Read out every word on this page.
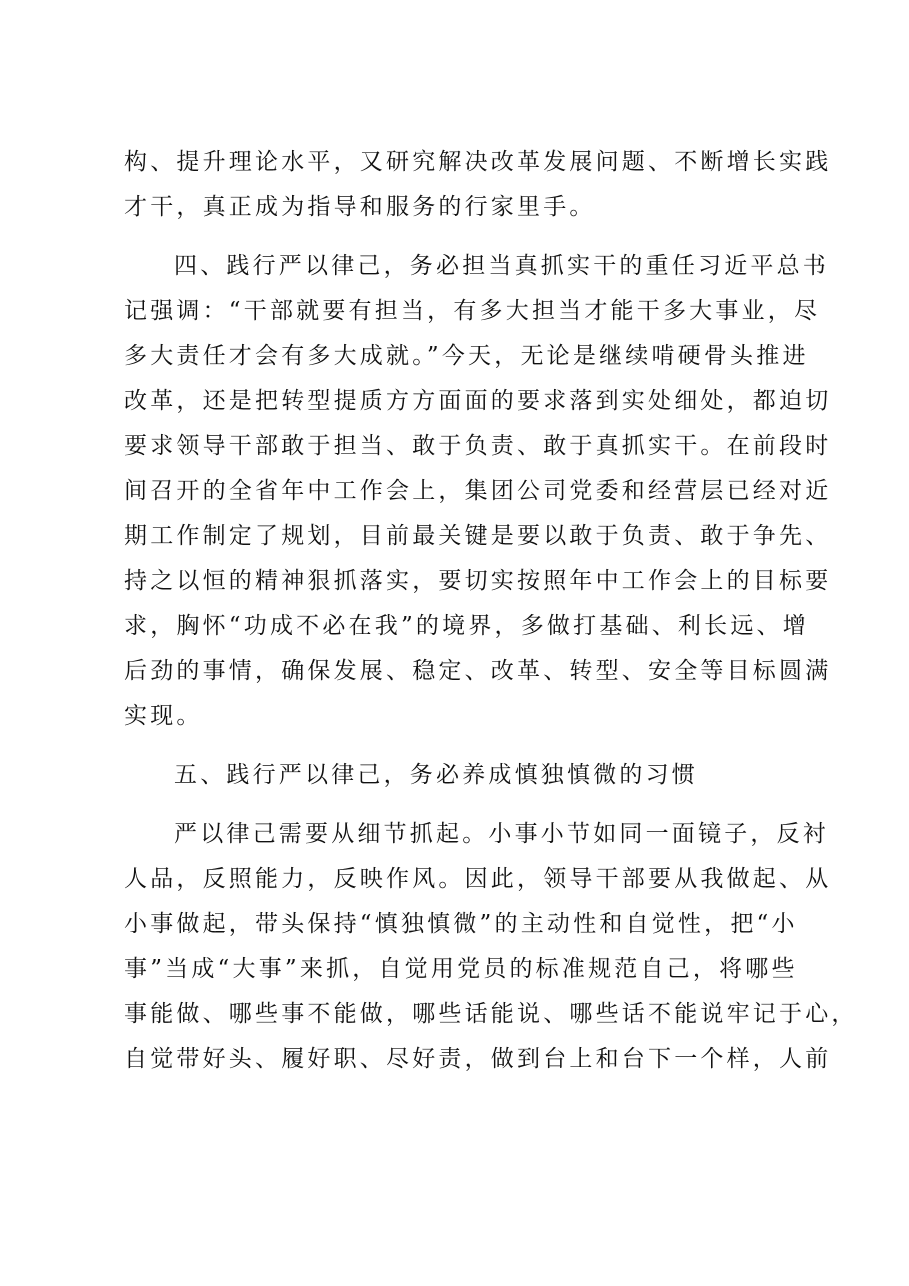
构、提升理论水平，又研究解决改革发展问题、不断增长实践
才干，真正成为指导和服务的行家里手。
四、践行严以律己，务必担当真抓实干的重任习近平总书
记强调：“干部就要有担当，有多大担当才能干多大事业，尽
多大责任才会有多大成就。”今天，无论是继续啃硬骨头推进
改革，还是把转型提质方方面面的要求落到实处细处，都迫切
要求领导干部敢于担当、敢于负责、敢于真抓实干。在前段时
间召开的全省年中工作会上，集团公司党委和经营层已经对近
期工作制定了规划，目前最关键是要以敢于负责、敢于争先、
持之以恒的精神狠抓落实，要切实按照年中工作会上的目标要
求，胸怀“功成不必在我”的境界，多做打基础、利长远、增
后劲的事情，确保发展、稳定、改革、转型、安全等目标圆满
实现。
五、践行严以律己，务必养成慎独慎微的习惯
严以律己需要从细节抓起。小事小节如同一面镜子，反衬
人品，反照能力，反映作风。因此，领导干部要从我做起、从
小事做起，带头保持“慎独慎微”的主动性和自觉性，把“小
事”当成“大事”来抓，自觉用党员的标准规范自己，将哪些
事能做、哪些事不能做，哪些话能说、哪些话不能说牢记于心，
自觉带好头、履好职、尽好责，做到台上和台下一个样，人前
